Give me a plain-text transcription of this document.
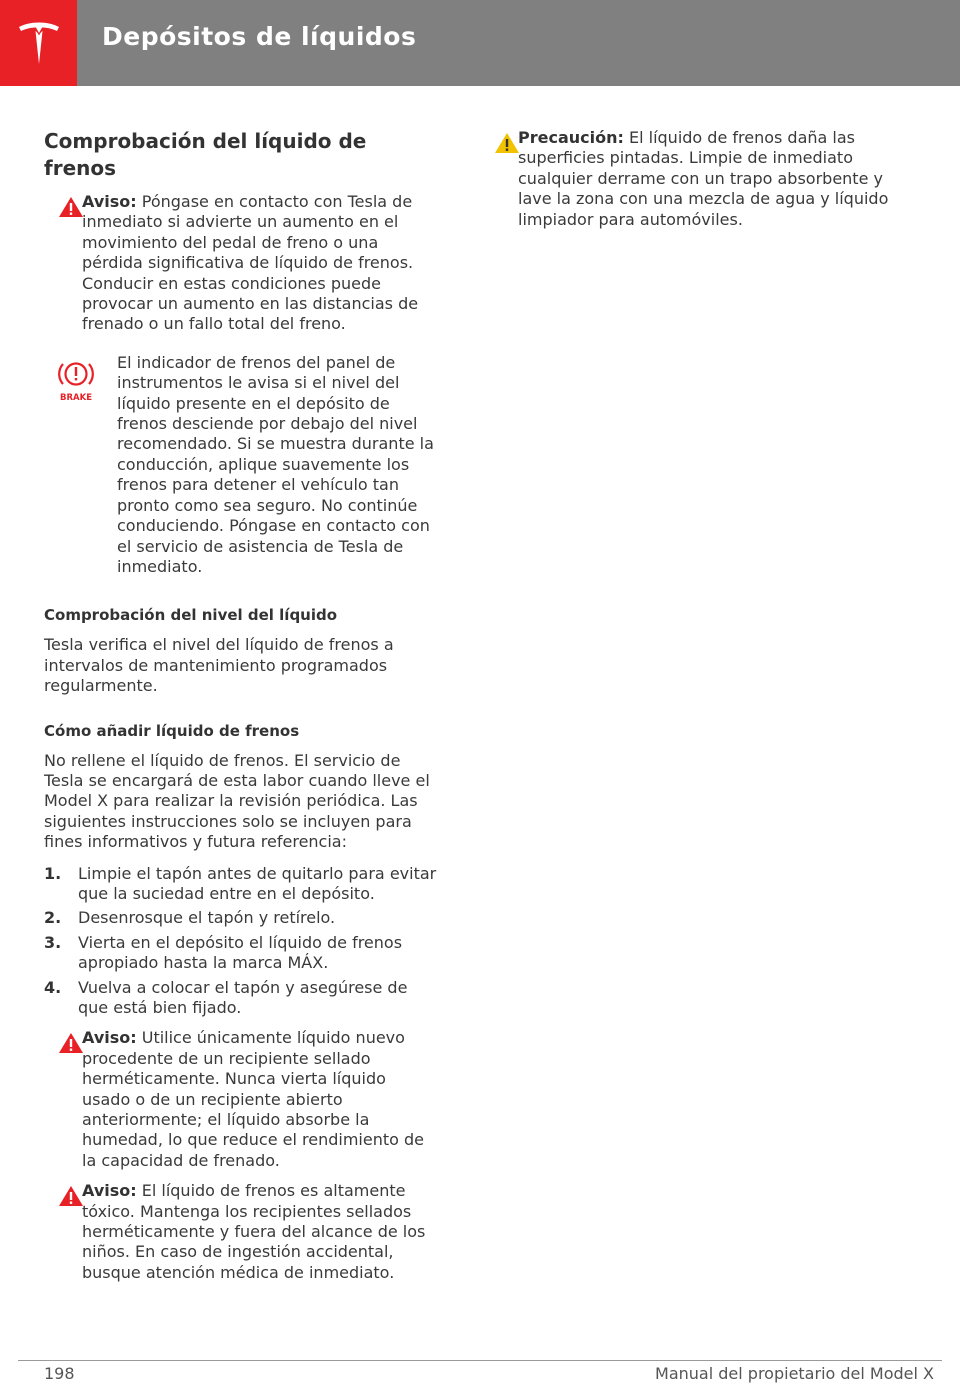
Depósitos de líquidos
Comprobación del líquido de frenos

Aviso: Póngase en contacto con Tesla de inmediato si advierte un aumento en el movimiento del pedal de freno o una pérdida significativa de líquido de frenos. Conducir en estas condiciones puede provocar un aumento en las distancias de frenado o un fallo total del freno.

BRAKE

El indicador de frenos del panel de instrumentos le avisa si el nivel del líquido presente en el depósito de frenos desciende por debajo del nivel recomendado. Si se muestra durante la conducción, aplique suavemente los frenos para detener el vehículo tan pronto como sea seguro. No continúe conduciendo. Póngase en contacto con el servicio de asistencia de Tesla de inmediato.

Comprobación del nivel del líquido

Tesla verifica el nivel del líquido de frenos a intervalos de mantenimiento programados regularmente.

Cómo añadir líquido de frenos

No rellene el líquido de frenos. El servicio de Tesla se encargará de esta labor cuando lleve el Model X para realizar la revisión periódica. Las siguientes instrucciones solo se incluyen para fines informativos y futura referencia:

1. Limpie el tapón antes de quitarlo para evitar que la suciedad entre en el depósito.
2. Desenrosque el tapón y retírelo.
3. Vierta en el depósito el líquido de frenos apropiado hasta la marca MÁX.
4. Vuelva a colocar el tapón y asegúrese de que está bien fijado.

Aviso: Utilice únicamente líquido nuevo procedente de un recipiente sellado herméticamente. Nunca vierta líquido usado o de un recipiente abierto anteriormente; el líquido absorbe la humedad, lo que reduce el rendimiento de la capacidad de frenado.

Aviso: El líquido de frenos es altamente tóxico. Mantenga los recipientes sellados herméticamente y fuera del alcance de los niños. En caso de ingestión accidental, busque atención médica de inmediato.

Precaución: El líquido de frenos daña las superficies pintadas. Limpie de inmediato cualquier derrame con un trapo absorbente y lave la zona con una mezcla de agua y líquido limpiador para automóviles.

198	Manual del propietario del Model X
